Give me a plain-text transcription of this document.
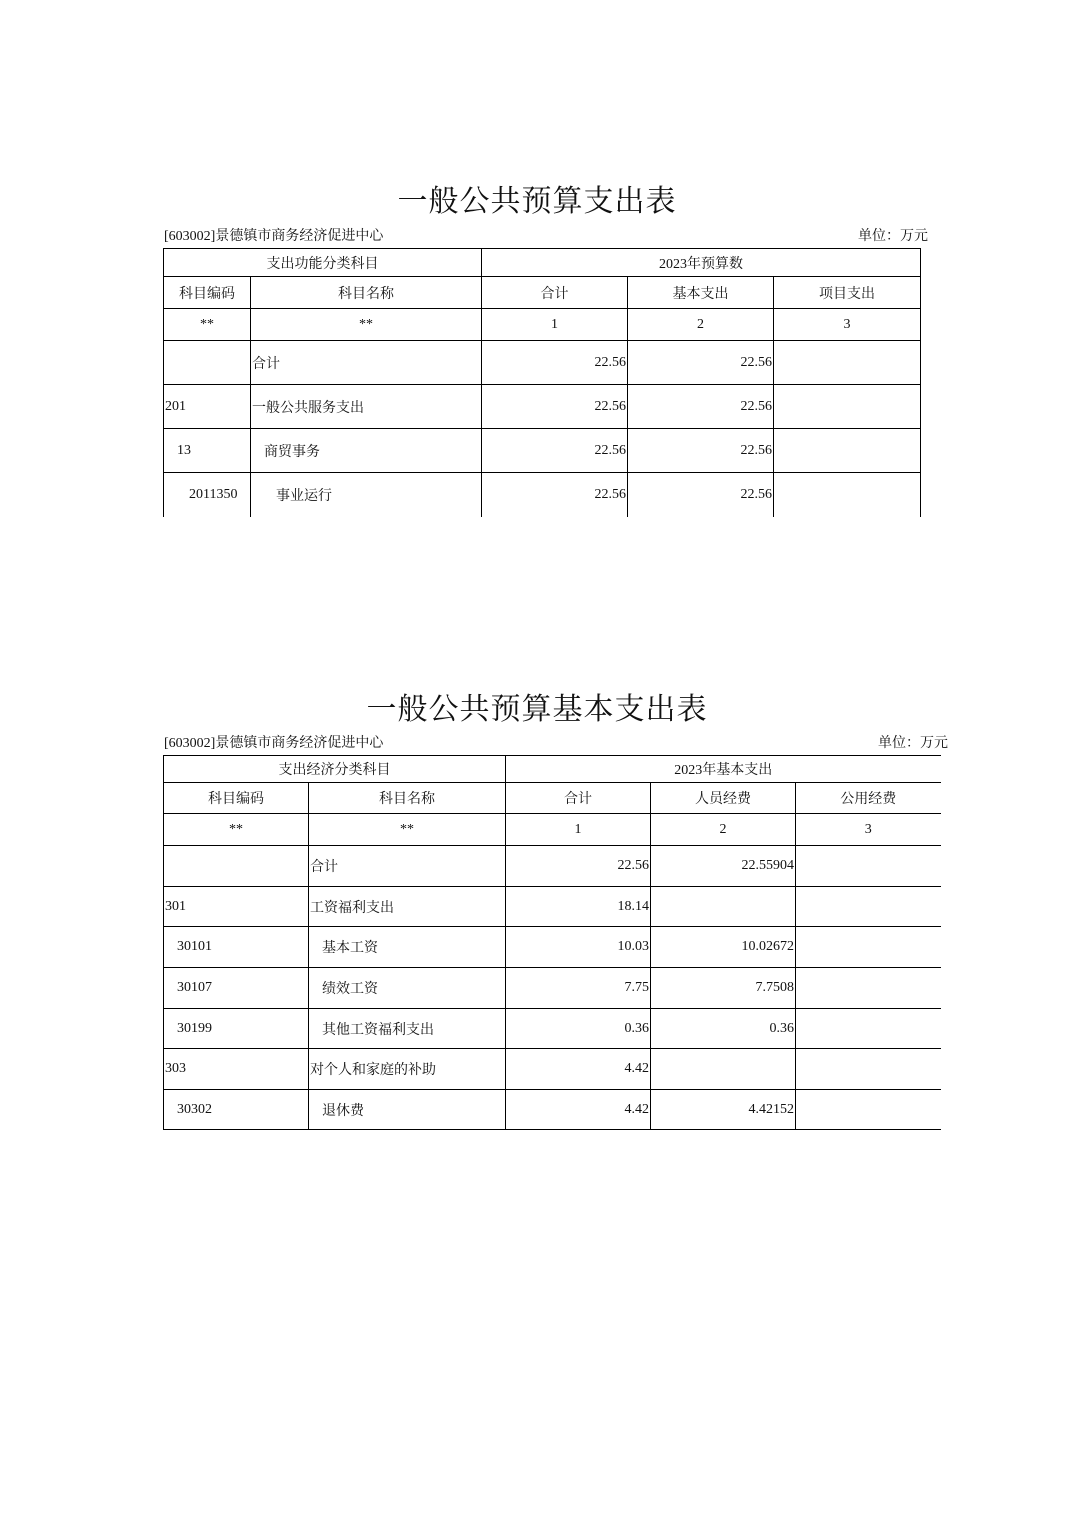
一般公共预算支出表
[603002]景德镇市商务经济促进中心	单位：万元
支出功能分类科目		2023年预算数		
科目编码	科目名称	合计	基本支出	项目支出
**	**	1	2	3
	合计	22.56	22.56	
201	一般公共服务支出	22.56	22.56	
13	商贸事务	22.56	22.56	
2011350	事业运行	22.56	22.56	
一般公共预算基本支出表
[603002]景德镇市商务经济促进中心	单位：万元
支出经济分类科目		2023年基本支出		
科目编码	科目名称	合计	人员经费	公用经费
**	**	1	2	3
	合计	22.56	22.55904	
301	工资福利支出	18.14		
30101	基本工资	10.03	10.02672	
30107	绩效工资	7.75	7.7508	
30199	其他工资福利支出	0.36	0.36	
303	对个人和家庭的补助	4.42		
30302	退休费	4.42	4.42152	
